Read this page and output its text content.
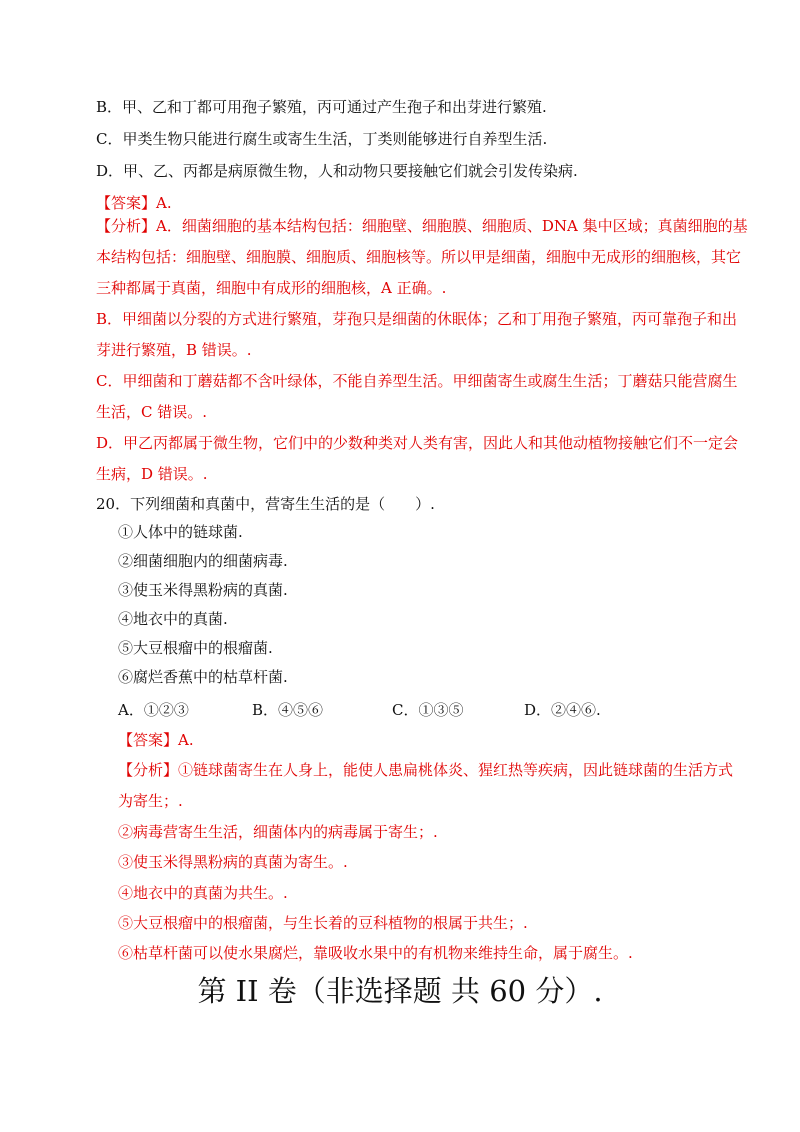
B．甲、乙和丁都可用孢子繁殖，丙可通过产生孢子和出芽进行繁殖.
C．甲类生物只能进行腐生或寄生生活，丁类则能够进行自养型生活.
D．甲、乙、丙都是病原微生物，人和动物只要接触它们就会引发传染病.
【答案】A.
【分析】A．细菌细胞的基本结构包括：细胞壁、细胞膜、细胞质、DNA 集中区域；真菌细胞的基
本结构包括：细胞壁、细胞膜、细胞质、细胞核等。所以甲是细菌，细胞中无成形的细胞核，其它
三种都属于真菌，细胞中有成形的细胞核，A 正确。.
B．甲细菌以分裂的方式进行繁殖，芽孢只是细菌的休眠体；乙和丁用孢子繁殖，丙可靠孢子和出
芽进行繁殖，B 错误。.
C．甲细菌和丁蘑菇都不含叶绿体，不能自养型生活。甲细菌寄生或腐生生活；丁蘑菇只能营腐生
生活，C 错误。.
D．甲乙丙都属于微生物，它们中的少数种类对人类有害，因此人和其他动植物接触它们不一定会
生病，D 错误。.
20．下列细菌和真菌中，营寄生生活的是（　　）.
①人体中的链球菌.
②细菌细胞内的细菌病毒.
③使玉米得黑粉病的真菌.
④地衣中的真菌.
⑤大豆根瘤中的根瘤菌.
⑥腐烂香蕉中的枯草杆菌.
A．①②③	B．④⑤⑥	C．①③⑤	D．②④⑥.
【答案】A.
【分析】①链球菌寄生在人身上，能使人患扁桃体炎、猩红热等疾病，因此链球菌的生活方式
为寄生；.
②病毒营寄生生活，细菌体内的病毒属于寄生；.
③使玉米得黑粉病的真菌为寄生。.
④地衣中的真菌为共生。.
⑤大豆根瘤中的根瘤菌，与生长着的豆科植物的根属于共生；.
⑥枯草杆菌可以使水果腐烂，靠吸收水果中的有机物来维持生命，属于腐生。.
第 II 卷（非选择题 共 60 分）.
